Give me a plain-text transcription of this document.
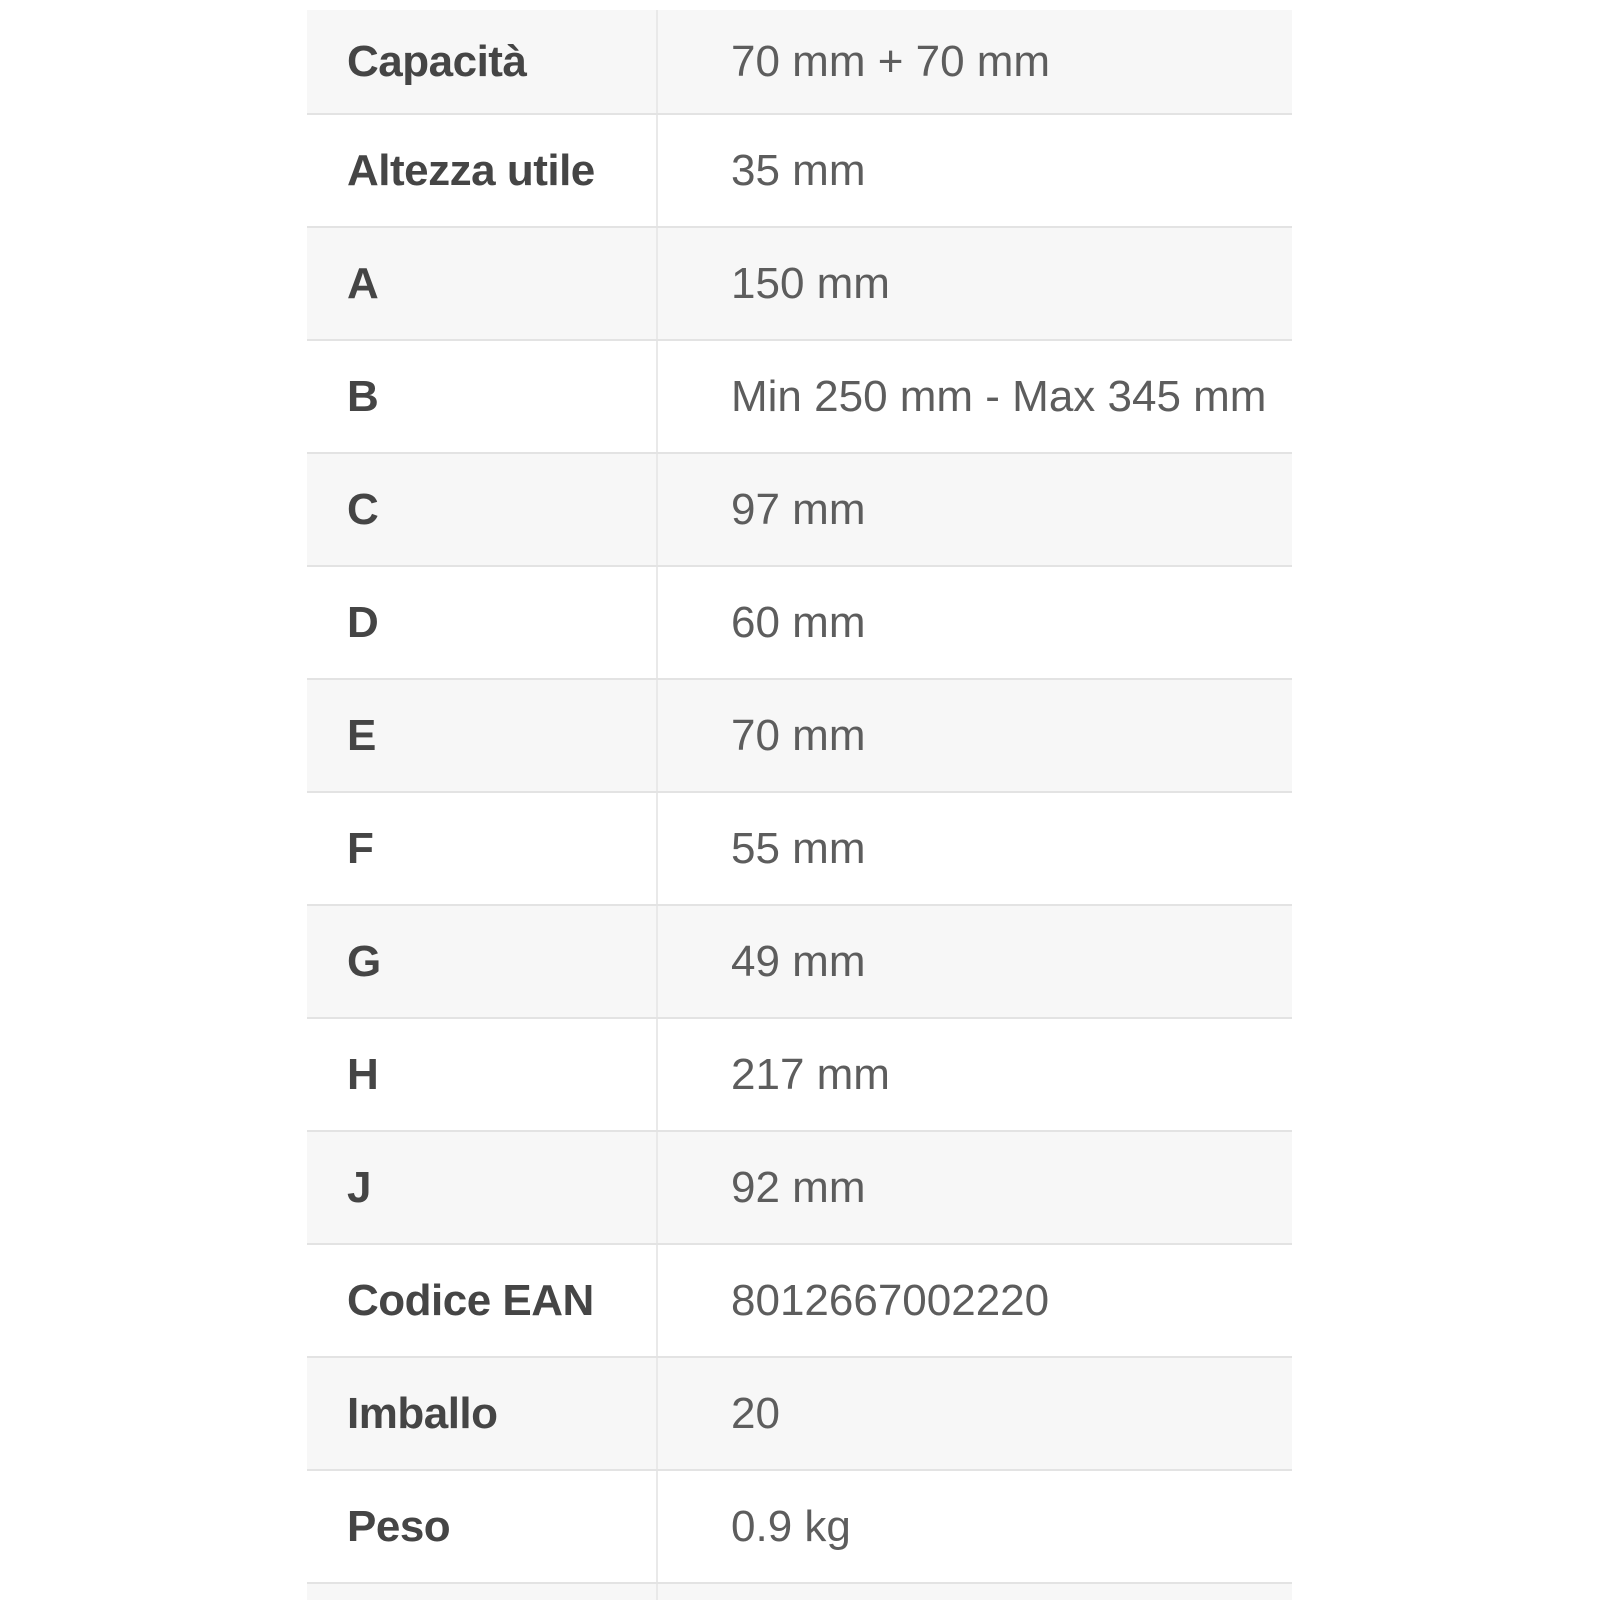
Capacità	70 mm + 70 mm
Altezza utile	35 mm
A	150 mm
B	Min 250 mm - Max 345 mm
C	97 mm
D	60 mm
E	70 mm
F	55 mm
G	49 mm
H	217 mm
J	92 mm
Codice EAN	8012667002220
Imballo	20
Peso	0.9 kg
